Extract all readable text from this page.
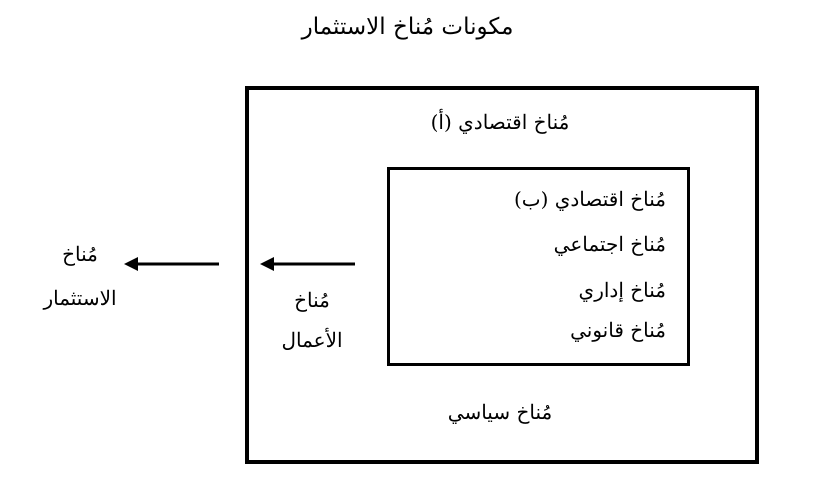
مكونات مُناخ الاستثمار
مُناخ اقتصادي (أ)
مُناخ اقتصادي (ب)
مُناخ اجتماعي
مُناخ إداري
مُناخ قانوني
مُناخ
الأعمال
مُناخ
الاستثمار
مُناخ سياسي
